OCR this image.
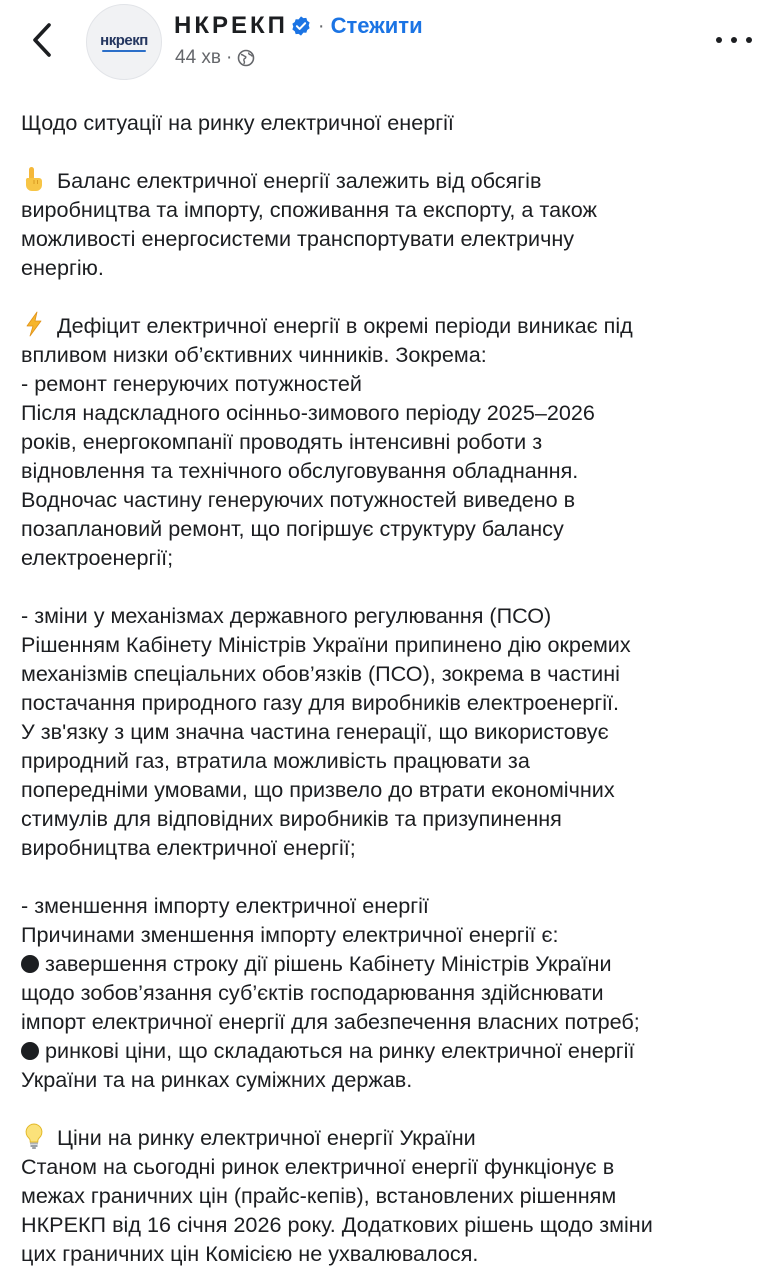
нкрекп
НКРЕКП · Стежити
44 хв ·

Щодо ситуації на ринку електричної енергії

Баланс електричної енергії залежить від обсягів
виробництва та імпорту, споживання та експорту, а також
можливості енергосистеми транспортувати електричну
енергію.

Дефіцит електричної енергії в окремі періоди виникає під
впливом низки об’єктивних чинників. Зокрема:
- ремонт генеруючих потужностей
Після надскладного осінньо-зимового періоду 2025–2026
років, енергокомпанії проводять інтенсивні роботи з
відновлення та технічного обслуговування обладнання.
Водночас частину генеруючих потужностей виведено в
позаплановий ремонт, що погіршує структуру балансу
електроенергії;

- зміни у механізмах державного регулювання (ПСО)
Рішенням Кабінету Міністрів України припинено дію окремих
механізмів спеціальних обов’язків (ПСО), зокрема в частині
постачання природного газу для виробників електроенергії.
У зв'язку з цим значна частина генерації, що використовує
природний газ, втратила можливість працювати за
попередніми умовами, що призвело до втрати економічних
стимулів для відповідних виробників та призупинення
виробництва електричної енергії;

- зменшення імпорту електричної енергії
Причинами зменшення імпорту електричної енергії є:
завершення строку дії рішень Кабінету Міністрів України
щодо зобов’язання суб’єктів господарювання здійснювати
імпорт електричної енергії для забезпечення власних потреб;
ринкові ціни, що складаються на ринку електричної енергії
України та на ринках суміжних держав.

Ціни на ринку електричної енергії України
Станом на сьогодні ринок електричної енергії функціонує в
межах граничних цін (прайс-кепів), встановлених рішенням
НКРЕКП від 16 січня 2026 року. Додаткових рішень щодо зміни
цих граничних цін Комісією не ухвалювалося.
